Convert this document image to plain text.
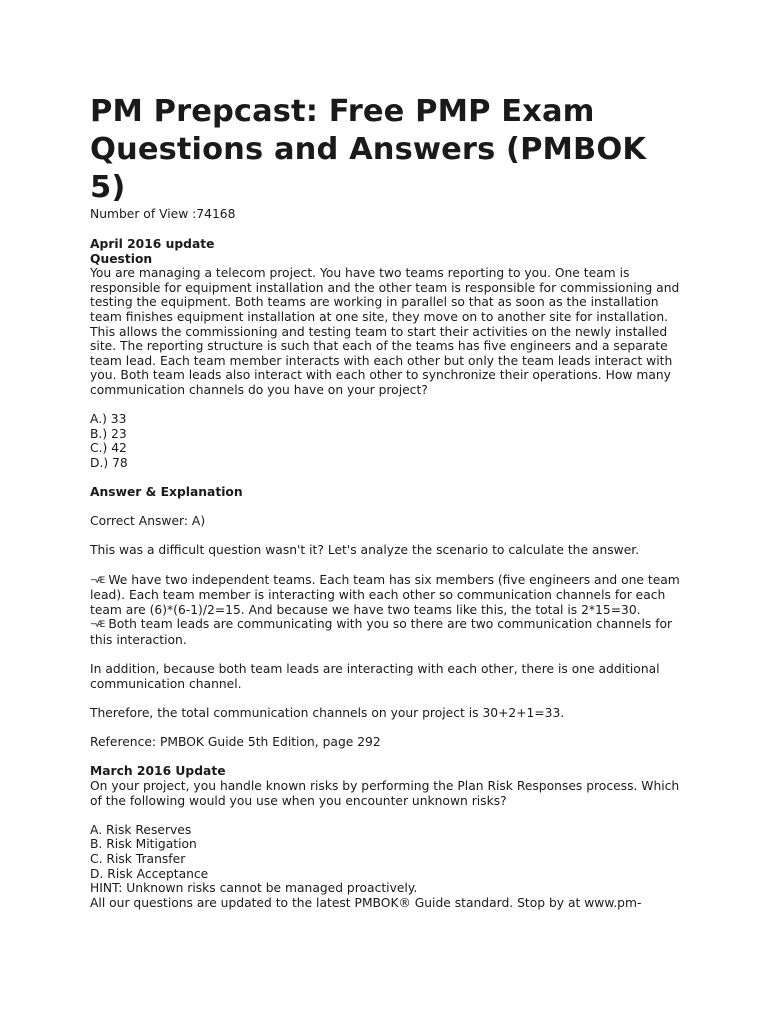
PM Prepcast: Free PMP Exam Questions and Answers (PMBOK 5)
Number of View :74168

April 2016 update

Question

You are managing a telecom project. You have two teams reporting to you. One team is responsible for equipment installation and the other team is responsible for commissioning and testing the equipment. Both teams are working in parallel so that as soon as the installation team finishes equipment installation at one site, they move on to another site for installation. This allows the commissioning and testing team to start their activities on the newly installed site. The reporting structure is such that each of the teams has five engineers and a separate team lead. Each team member interacts with each other but only the team leads interact with you. Both team leads also interact with each other to synchronize their operations. How many communication channels do you have on your project?

A.) 33

B.) 23

C.) 42

D.) 78

Answer & Explanation

Correct Answer: A)

This was a difficult question wasn't it? Let's analyze the scenario to calculate the answer.

¬Æ We have two independent teams. Each team has six members (five engineers and one team lead). Each team member is interacting with each other so communication channels for each team are (6)*(6-1)/2=15. And because we have two teams like this, the total is 2*15=30.

¬Æ Both team leads are communicating with you so there are two communication channels for this interaction.

In addition, because both team leads are interacting with each other, there is one additional communication channel.

Therefore, the total communication channels on your project is 30+2+1=33.

Reference: PMBOK Guide 5th Edition, page 292

March 2016 Update

On your project, you handle known risks by performing the Plan Risk Responses process. Which of the following would you use when you encounter unknown risks?

A. Risk Reserves

B. Risk Mitigation

C. Risk Transfer

D. Risk Acceptance

HINT: Unknown risks cannot be managed proactively.

All our questions are updated to the latest PMBOK® Guide standard. Stop by at www.pm-
